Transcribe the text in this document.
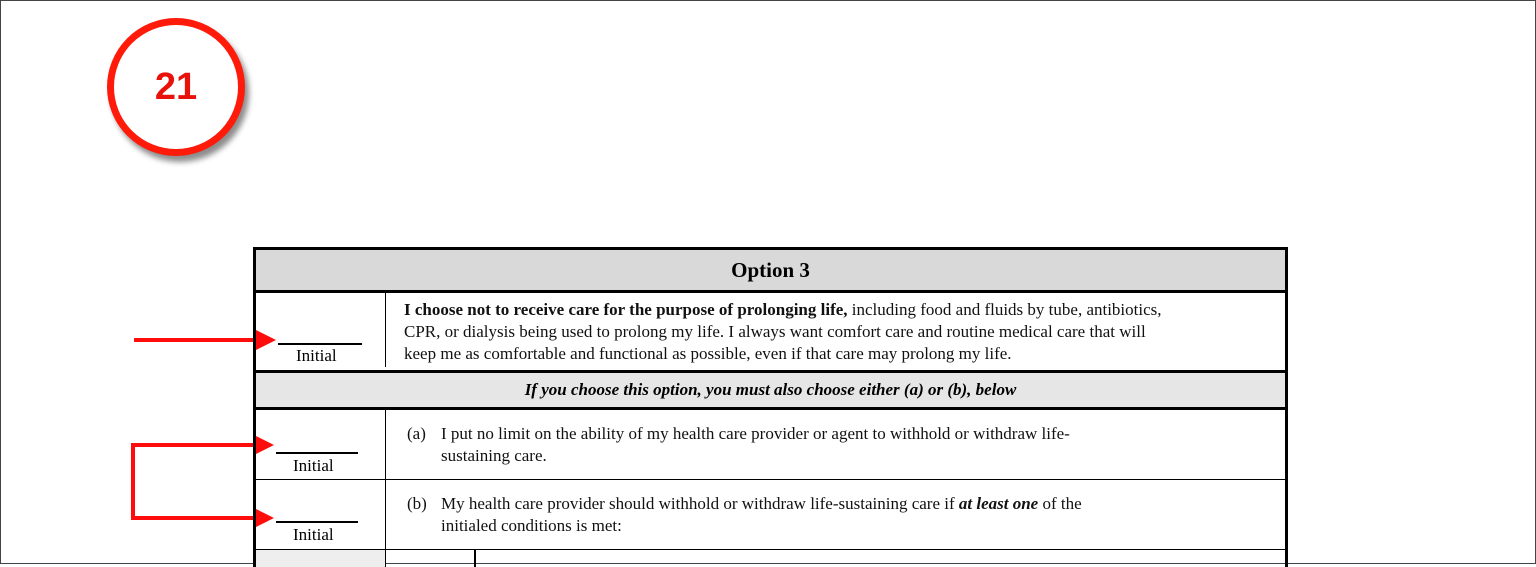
21
Option 3
Initial
I choose not to receive care for the purpose of prolonging life, including food and fluids by tube, antibiotics,
CPR, or dialysis being used to prolong my life. I always want comfort care and routine medical care that will
keep me as comfortable and functional as possible, even if that care may prolong my life.
If you choose this option, you must also choose either (a) or (b), below
Initial
(a) I put no limit on the ability of my health care provider or agent to withhold or withdraw life-
sustaining care.
Initial
(b) My health care provider should withhold or withdraw life-sustaining care if at least one of the
initialed conditions is met:
